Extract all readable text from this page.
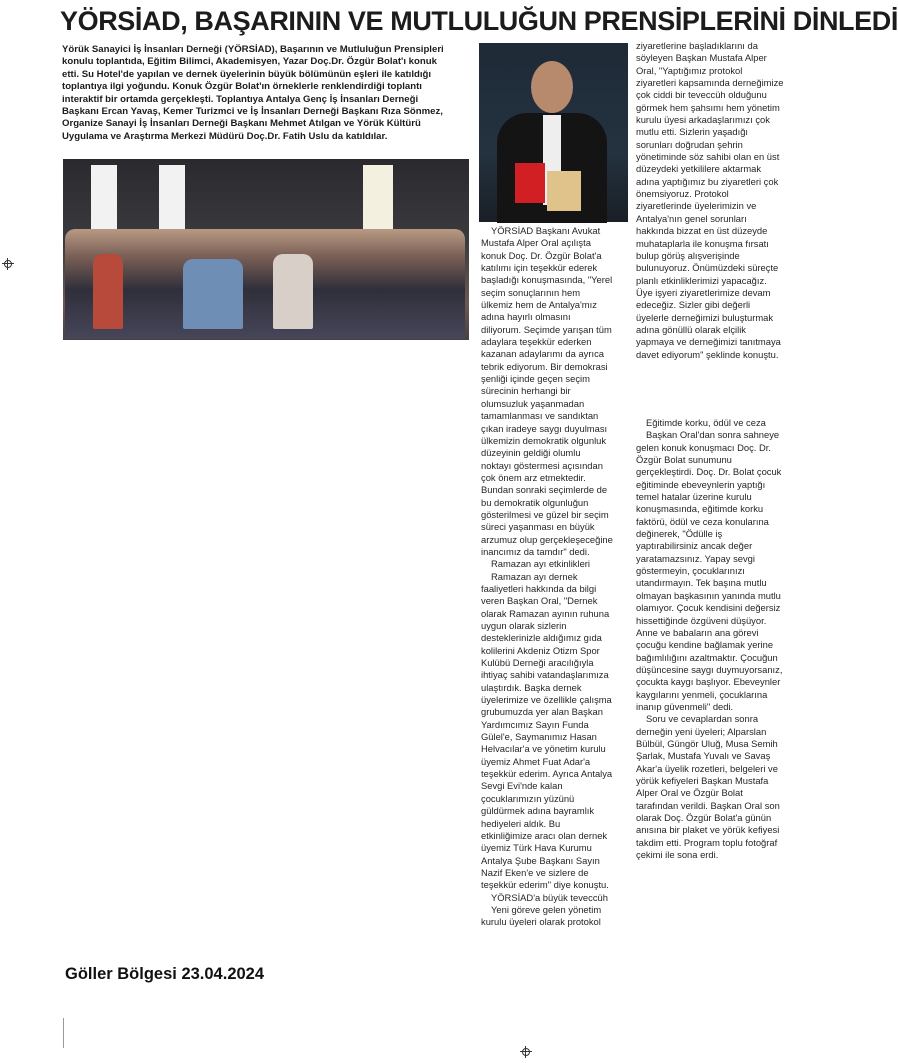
YÖRSİAD, BAŞARININ VE MUTLULUĞUN PRENSİPLERİNİ DİNLEDİ
Yörük Sanayici İş İnsanları Derneği (YÖRSİAD), Başarının ve Mutluluğun Prensipleri
konulu toplantıda, Eğitim Bilimci, Akademisyen, Yazar Doç.Dr. Özgür Bolat'ı konuk
etti. Su Hotel'de yapılan ve dernek üyelerinin büyük bölümünün eşleri ile katıldığı
toplantıya ilgi yoğundu. Konuk Özgür Bolat'ın örneklerle renklendirdiği toplantı
interaktif bir ortamda gerçekleşti. Toplantıya Antalya Genç İş İnsanları Derneği
Başkanı Ercan Yavaş, Kemer Turizmci ve İş İnsanları Derneği Başkanı Rıza Sönmez,
Organize Sanayi İş İnsanları Derneği Başkanı Mehmet Atılgan ve Yörük Kültürü
Uygulama ve Araştırma Merkezi Müdürü Doç.Dr. Fatih Uslu da katıldılar.

YÖRSİAD Başkanı Avukat Mustafa Alper Oral açılışta konuk Doç. Dr. Özgür Bolat'a katılımı için teşekkür ederek başladığı konuşmasında, "Yerel seçim sonuçlarının hem ülkemiz hem de Antalya'mız adına hayırlı olmasını diliyorum. Seçimde yarışan tüm adaylara teşekkür ederken kazanan adaylarımı da ayrıca tebrik ediyorum. Bir demokrasi şenliği içinde geçen seçim sürecinin herhangi bir olumsuzluk yaşanmadan tamamlanması ve sandıktan çıkan iradeye saygı duyulması ülkemizin demokratik olgunluk düzeyinin geldiği olumlu noktayı göstermesi açısından çok önem arz etmektedir. Bundan sonraki seçimlerde de bu demokratik olgunluğun gösterilmesi ve güzel bir seçim süreci yaşanması en büyük arzumuz olup gerçekleşeceğine inancımız da tamdır" dedi.

Ramazan ayı etkinlikleri

Ramazan ayı dernek faaliyetleri hakkında da bilgi veren Başkan Oral, "Dernek olarak Ramazan ayının ruhuna uygun olarak sizlerin desteklerinizle aldığımız gıda kolilerini Akdeniz Otizm Spor Kulübü Derneği aracılığıyla ihtiyaç sahibi vatandaşlarımıza ulaştırdık. Başka dernek üyelerimize ve özellikle çalışma grubumuzda yer alan Başkan Yardımcımız Sayın Funda Gülel'e, Saymanımız Hasan Helvacılar'a ve yönetim kurulu üyemiz Ahmet Fuat Adar'a teşekkür ederim. Ayrıca Antalya Sevgi Evi'nde kalan çocuklarımızın yüzünü güldürmek adına bayramlık hediyeleri aldık. Bu etkinliğimize aracı olan dernek üyemiz Türk Hava Kurumu Antalya Şube Başkanı Sayın Nazif Eken'e ve sizlere de teşekkür ederim" diye konuştu.

YÖRSİAD'a büyük teveccüh

Yeni göreve gelen yönetim kurulu üyeleri olarak protokol

ziyaretlerine başladıklarını da söyleyen Başkan Mustafa Alper Oral, "Yaptığımız protokol ziyaretleri kapsamında derneğimize çok ciddi bir teveccüh olduğunu görmek hem şahsımı hem yönetim kurulu üyesi arkadaşlarımızı çok mutlu etti. Sizlerin yaşadığı sorunları doğrudan şehrin yönetiminde söz sahibi olan en üst düzeydeki yetkililere aktarmak adına yaptığımız bu ziyaretleri çok önemsiyoruz. Protokol ziyaretlerinde üyelerimizin ve Antalya'nın genel sorunları hakkında bizzat en üst düzeyde muhataplarla ile konuşma fırsatı bulup görüş alışverişinde bulunuyoruz. Önümüzdeki süreçte planlı etkinliklerimizi yapacağız. Üye işyeri ziyaretlerimize devam edeceğiz. Sizler gibi değerli üyelerle derneğimizi buluşturmak adına gönüllü olarak elçilik yapmaya ve derneğimizi tanıtmaya davet ediyorum" şeklinde konuştu.

Eğitimde korku, ödül ve ceza

Başkan Oral'dan sonra sahneye gelen konuk konuşmacı Doç. Dr. Özgür Bolat sunumunu gerçekleştirdi. Doç. Dr. Bolat çocuk eğitiminde ebeveynlerin yaptığı temel hatalar üzerine kurulu konuşmasında, eğitimde korku faktörü, ödül ve ceza konularına değinerek, "Ödülle iş yaptırabilirsiniz ancak değer yaratamazsınız. Yapay sevgi göstermeyin, çocuklarınızı utandırmayın. Tek başına mutlu olmayan başkasının yanında mutlu olamıyor. Çocuk kendisini değersiz hissettiğinde özgüveni düşüyor. Anne ve babaların ana görevi çocuğu kendine bağlamak yerine bağımlılığını azaltmaktır. Çocuğun düşüncesine saygı duymuyorsanız, çocukta kaygı başlıyor. Ebeveynler kaygılarını yenmeli, çocuklarına inanıp güvenmeli" dedi.

Soru ve cevaplardan sonra derneğin yeni üyeleri; Alparslan Bülbül, Güngör Uluğ, Musa Semih Şarlak, Mustafa Yuvalı ve Savaş Akar'a üyelik rozetleri, belgeleri ve yörük kefiyeleri Başkan Mustafa Alper Oral ve Özgür Bolat tarafından verildi. Başkan Oral son olarak Doç. Özgür Bolat'a günün anısına bir plaket ve yörük kefiyesi takdim etti. Program toplu fotoğraf çekimi ile sona erdi.

Göller Bölgesi 23.04.2024
